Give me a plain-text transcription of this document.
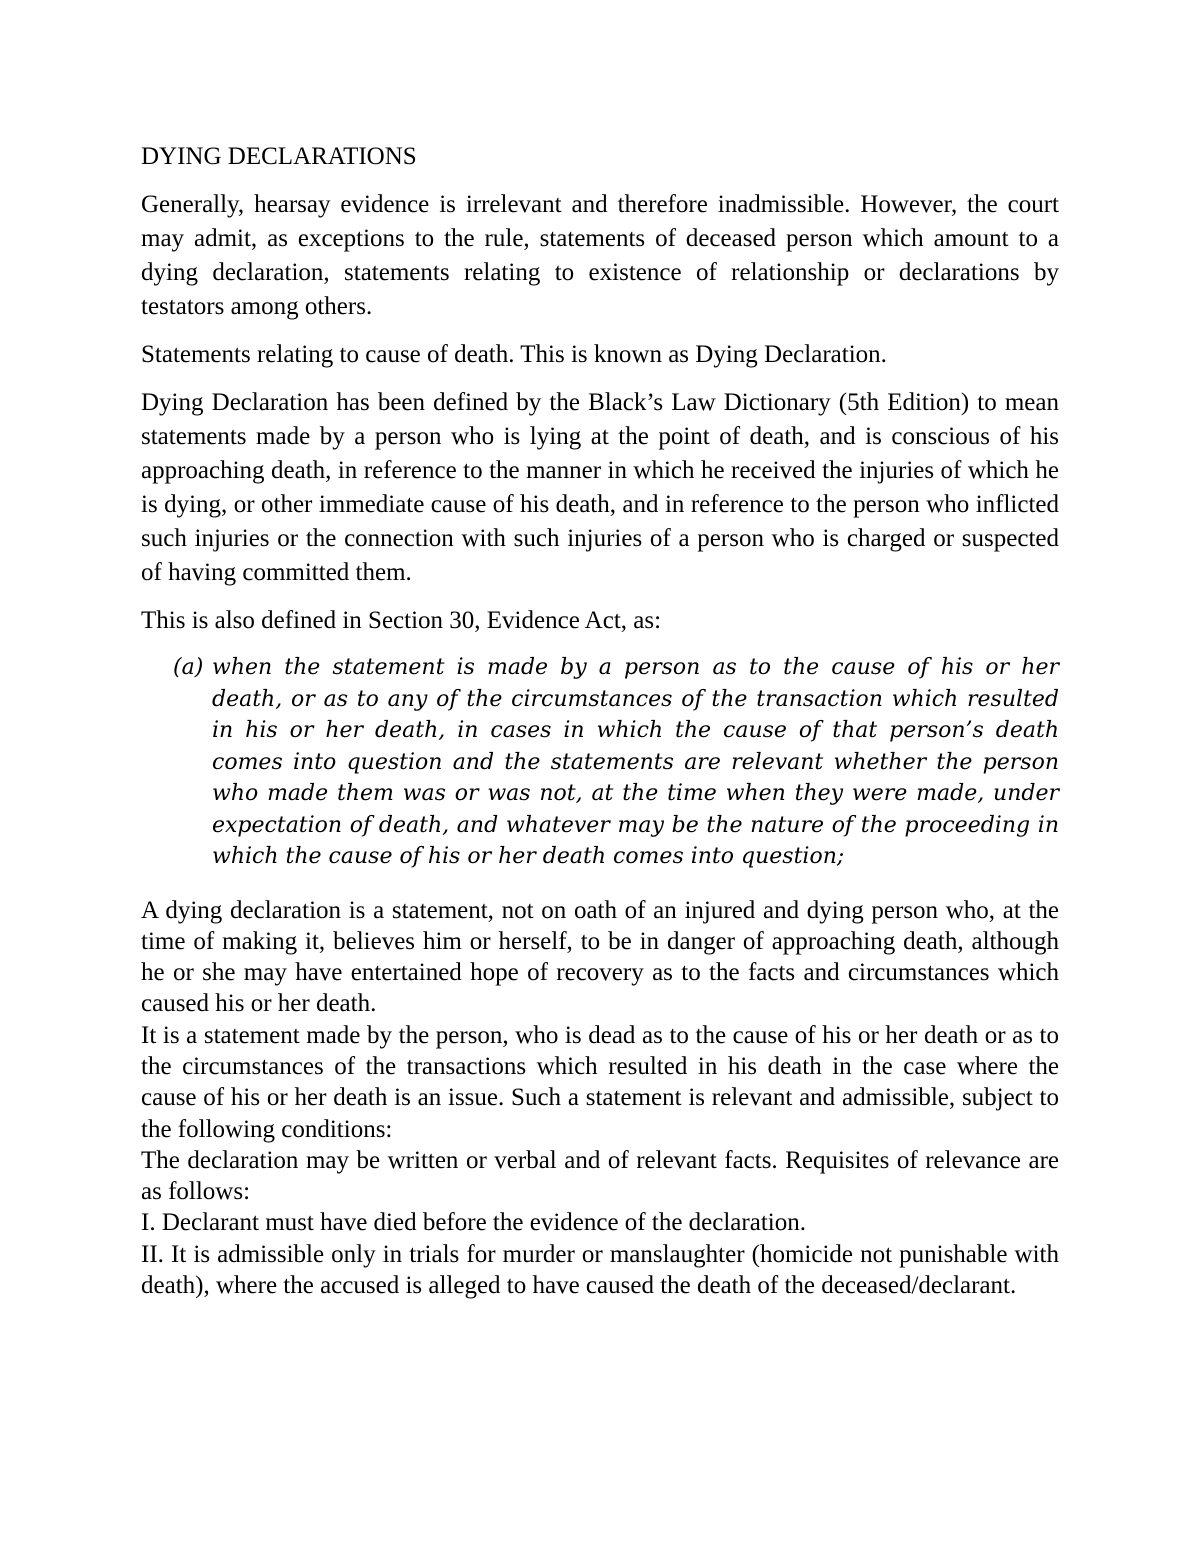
DYING DECLARATIONS

Generally, hearsay evidence is irrelevant and therefore inadmissible. However, the court may admit, as exceptions to the rule, statements of deceased person which amount to a dying declaration, statements relating to existence of relationship or declarations by testators among others.

Statements relating to cause of death. This is known as Dying Declaration.

Dying Declaration has been defined by the Black’s Law Dictionary (5th Edition) to mean statements made by a person who is lying at the point of death, and is conscious of his approaching death, in reference to the manner in which he received the injuries of which he is dying, or other immediate cause of his death, and in reference to the person who inflicted such injuries or the connection with such injuries of a person who is charged or suspected of having committed them.

This is also defined in Section 30, Evidence Act, as:

(a) when the statement is made by a person as to the cause of his or her death, or as to any of the circumstances of the transaction which resulted in his or her death, in cases in which the cause of that person’s death comes into question and the statements are relevant whether the person who made them was or was not, at the time when they were made, under expectation of death, and whatever may be the nature of the proceeding in which the cause of his or her death comes into question;

A dying declaration is a statement, not on oath of an injured and dying person who, at the time of making it, believes him or herself, to be in danger of approaching death, although he or she may have entertained hope of recovery as to the facts and circumstances which caused his or her death.

It is a statement made by the person, who is dead as to the cause of his or her death or as to the circumstances of the transactions which resulted in his death in the case where the cause of his or her death is an issue. Such a statement is relevant and admissible, subject to the following conditions:

The declaration may be written or verbal and of relevant facts. Requisites of relevance are as follows:

I. Declarant must have died before the evidence of the declaration.

II. It is admissible only in trials for murder or manslaughter (homicide not punishable with death), where the accused is alleged to have caused the death of the deceased/declarant.
